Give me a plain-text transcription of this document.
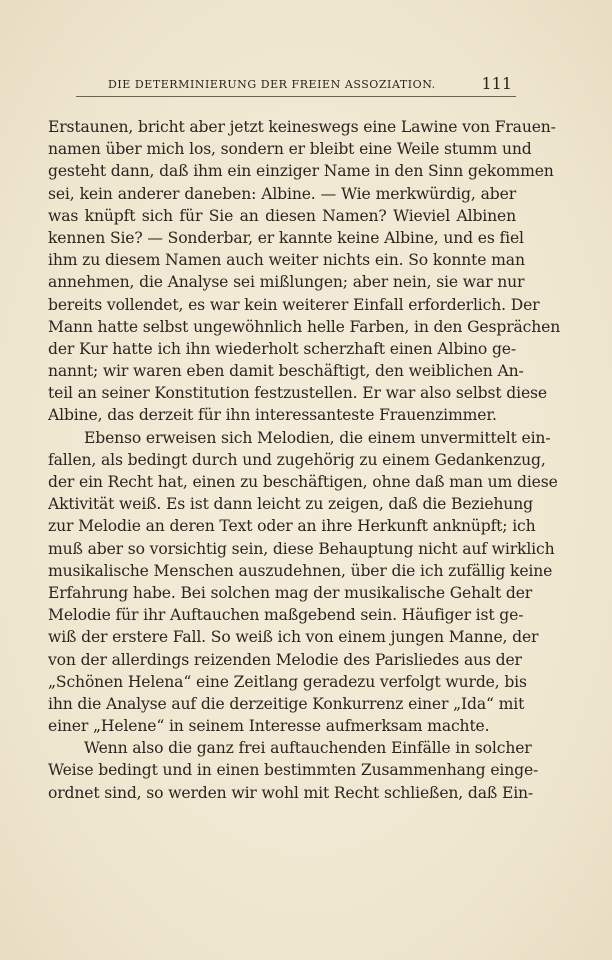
DIE DETERMINIERUNG DER FREIEN ASSOZIATION.	111
Erstaunen, bricht aber jetzt keineswegs eine Lawine von Frauen-
namen über mich los, sondern er bleibt eine Weile stumm und
gesteht dann, daß ihm ein einziger Name in den Sinn gekommen
sei, kein anderer daneben: Albine. — Wie merkwürdig, aber
was knüpft sich für Sie an diesen Namen? Wieviel Albinen
kennen Sie? — Sonderbar, er kannte keine Albine, und es fiel
ihm zu diesem Namen auch weiter nichts ein. So konnte man
annehmen, die Analyse sei mißlungen; aber nein, sie war nur
bereits vollendet, es war kein weiterer Einfall erforderlich. Der
Mann hatte selbst ungewöhnlich helle Farben, in den Gesprächen
der Kur hatte ich ihn wiederholt scherzhaft einen Albino ge-
nannt; wir waren eben damit beschäftigt, den weiblichen An-
teil an seiner Konstitution festzustellen. Er war also selbst diese
Albine, das derzeit für ihn interessanteste Frauenzimmer.
Ebenso erweisen sich Melodien, die einem unvermittelt ein-
fallen, als bedingt durch und zugehörig zu einem Gedankenzug,
der ein Recht hat, einen zu beschäftigen, ohne daß man um diese
Aktivität weiß. Es ist dann leicht zu zeigen, daß die Beziehung
zur Melodie an deren Text oder an ihre Herkunft anknüpft; ich
muß aber so vorsichtig sein, diese Behauptung nicht auf wirklich
musikalische Menschen auszudehnen, über die ich zufällig keine
Erfahrung habe. Bei solchen mag der musikalische Gehalt der
Melodie für ihr Auftauchen maßgebend sein. Häufiger ist ge-
wiß der erstere Fall. So weiß ich von einem jungen Manne, der
von der allerdings reizenden Melodie des Parisliedes aus der
„Schönen Helena“ eine Zeitlang geradezu verfolgt wurde, bis
ihn die Analyse auf die derzeitige Konkurrenz einer „Ida“ mit
einer „Helene“ in seinem Interesse aufmerksam machte.
Wenn also die ganz frei auftauchenden Einfälle in solcher
Weise bedingt und in einen bestimmten Zusammenhang einge-
ordnet sind, so werden wir wohl mit Recht schließen, daß Ein-
